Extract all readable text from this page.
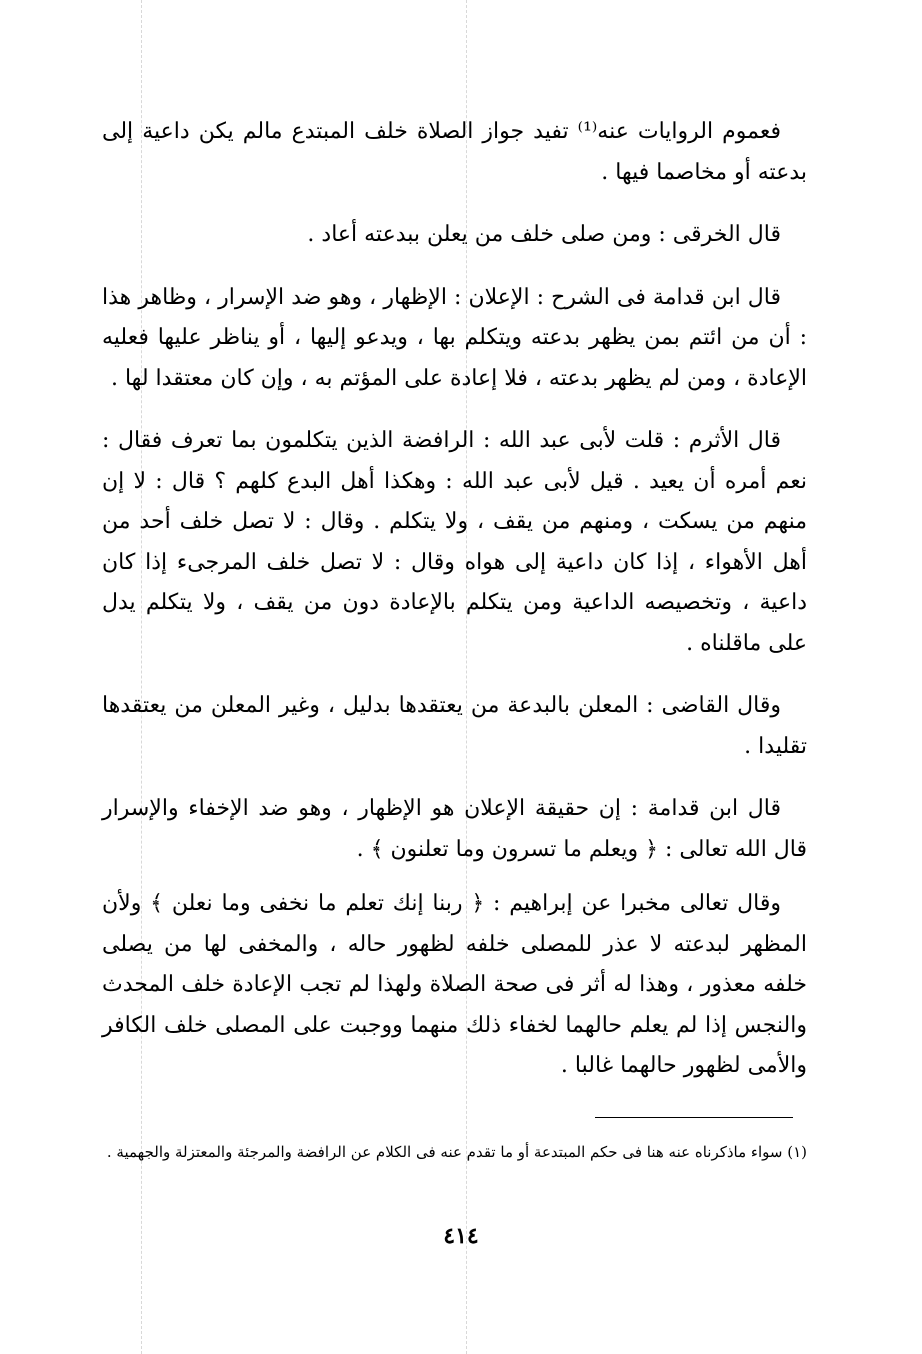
فعموم الروايات عنه⁽¹⁾ تفيد جواز الصلاة خلف المبتدع مالم يكن داعية إلى بدعته أو مخاصما فيها .

قال الخرقى : ومن صلى خلف من يعلن ببدعته أعاد .

قال ابن قدامة فى الشرح : الإعلان : الإظهار ، وهو ضد الإسرار ، وظاهر هذا : أن من ائتم بمن يظهر بدعته ويتكلم بها ، ويدعو إليها ، أو يناظر عليها فعليه الإعادة ، ومن لم يظهر بدعته ، فلا إعادة على المؤتم به ، وإن كان معتقدا لها .

قال الأثرم : قلت لأبى عبد الله : الرافضة الذين يتكلمون بما تعرف فقال : نعم أمره أن يعيد . قيل لأبى عبد الله : وهكذا أهل البدع كلهم ؟ قال : لا إن منهم من يسكت ، ومنهم من يقف ، ولا يتكلم . وقال : لا تصل خلف أحد من أهل الأهواء ، إذا كان داعية إلى هواه وقال : لا تصل خلف المرجىء إذا كان داعية ، وتخصيصه الداعية ومن يتكلم بالإعادة دون من يقف ، ولا يتكلم يدل على ماقلناه .

وقال القاضى : المعلن بالبدعة من يعتقدها بدليل ، وغير المعلن من يعتقدها تقليدا .

قال ابن قدامة : إن حقيقة الإعلان هو الإظهار ، وهو ضد الإخفاء والإسرار قال الله تعالى : ﴿ ويعلم ما تسرون وما تعلنون ﴾ .

وقال تعالى مخبرا عن إبراهيم : ﴿ ربنا إنك تعلم ما نخفى وما نعلن ﴾ ولأن المظهر لبدعته لا عذر للمصلى خلفه لظهور حاله ، والمخفى لها من يصلى خلفه معذور ، وهذا له أثر فى صحة الصلاة ولهذا لم تجب الإعادة خلف المحدث والنجس إذا لم يعلم حالهما لخفاء ذلك منهما ووجبت على المصلى خلف الكافر والأمى لظهور حالهما غالبا .

(١) سواء ماذكرناه عنه هنا فى حكم المبتدعة أو ما تقدم عنه فى الكلام عن الرافضة والمرجئة والمعتزلة والجهمية .
٤١٤
